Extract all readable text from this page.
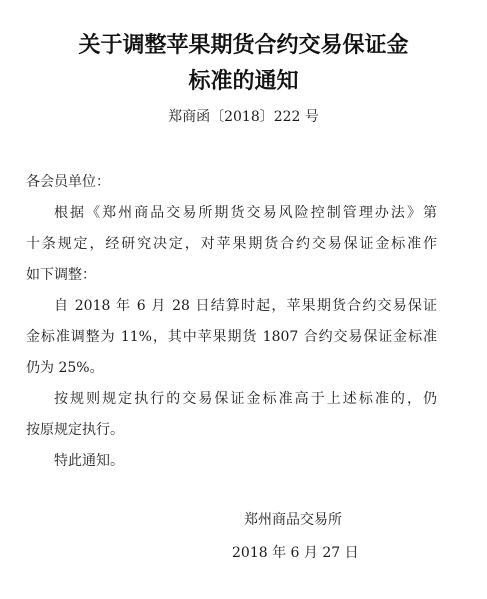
关于调整苹果期货合约交易保证金
标准的通知
郑商函〔2018〕222 号
各会员单位：
根据《郑州商品交易所期货交易风险控制管理办法》第
十条规定，经研究决定，对苹果期货合约交易保证金标准作
如下调整：
自 2018 年 6 月 28 日结算时起，苹果期货合约交易保证
金标准调整为 11%，其中苹果期货 1807 合约交易保证金标准
仍为 25%。
按规则规定执行的交易保证金标准高于上述标准的，仍
按原规定执行。
特此通知。
郑州商品交易所
2018 年 6 月 27 日
